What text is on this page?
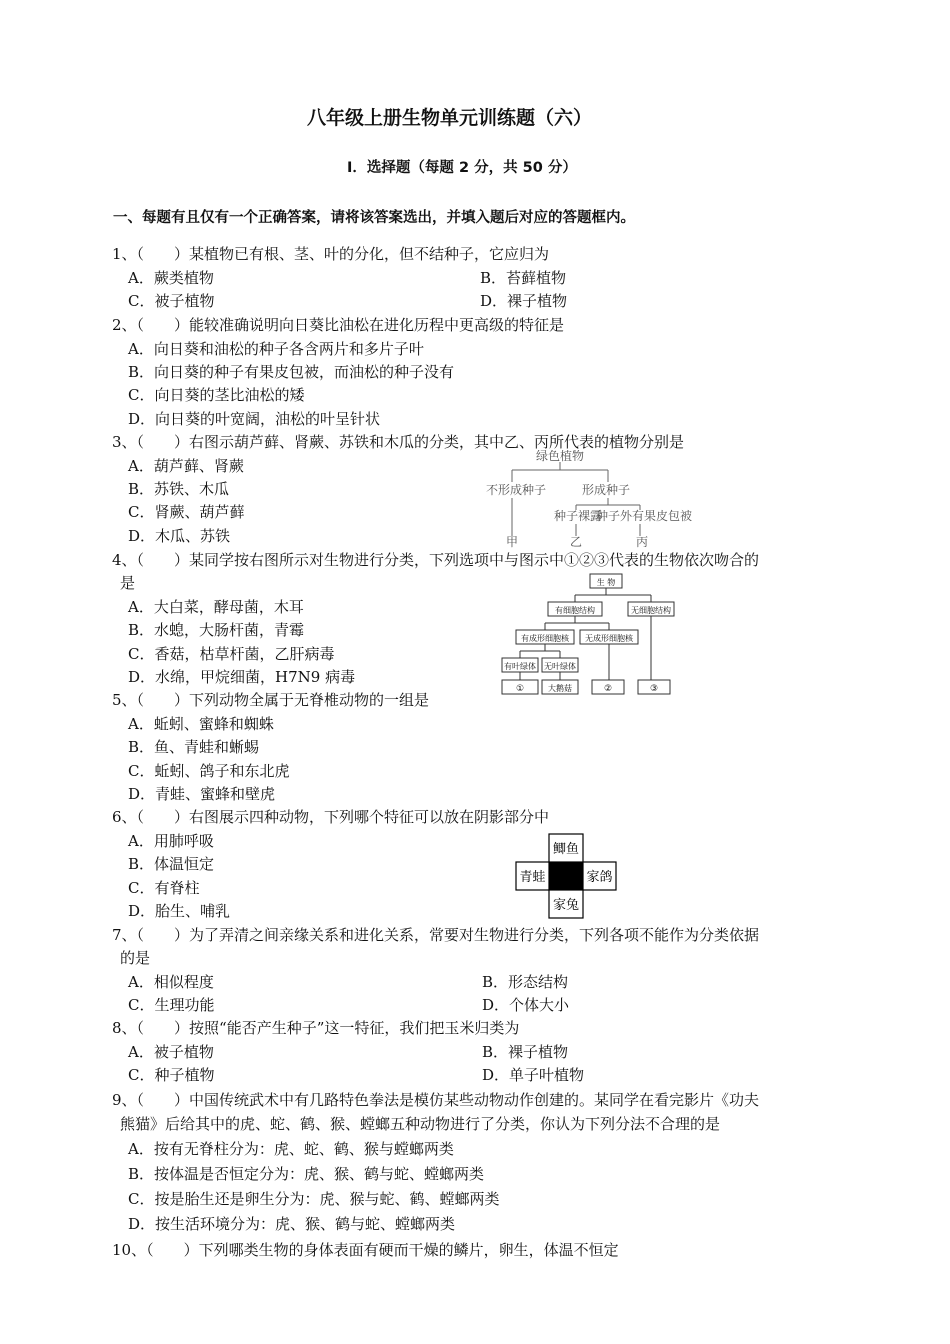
八年级上册生物单元训练题（六）
Ⅰ．选择题（每题 2 分，共 50 分）
一、每题有且仅有一个正确答案，请将该答案选出，并填入题后对应的答题框内。
1、（　　）某植物已有根、茎、叶的分化，但不结种子，它应归为
A．蕨类植物	B．苔藓植物
C．被子植物	D．裸子植物
2、（　　）能较准确说明向日葵比油松在进化历程中更高级的特征是
A．向日葵和油松的种子各含两片和多片子叶
B．向日葵的种子有果皮包被，而油松的种子没有
C．向日葵的茎比油松的矮
D．向日葵的叶宽阔，油松的叶呈针状
3、（　　）右图示葫芦藓、肾蕨、苏铁和木瓜的分类，其中乙、丙所代表的植物分别是
A．葫芦藓、肾蕨
B．苏铁、木瓜
C．肾蕨、葫芦藓
D．木瓜、苏铁
绿色植物
不形成种子	形成种子
种子裸露
种子外有果皮包被
甲	乙	丙
4、（　　）某同学按右图所示对生物进行分类，下列选项中与图示中①②③代表的生物依次吻合的
是
A．大白菜，酵母菌，木耳
B．水螅，大肠杆菌，青霉
C．香菇，枯草杆菌，乙肝病毒
D．水绵，甲烷细菌，H7N9 病毒
生 物
有细胞结构	无细胞结构
有成形细胞核 无成形细胞核
有叶绿体 无叶绿体
①	大鹅菇	②	③
5、（　　）下列动物全属于无脊椎动物的一组是
A．蚯蚓、蜜蜂和蜘蛛
B．鱼、青蛙和蜥蜴
C．蚯蚓、鸽子和东北虎
D．青蛙、蜜蜂和壁虎
6、（　　）右图展示四种动物，下列哪个特征可以放在阴影部分中
A．用肺呼吸
B．体温恒定
C．有脊柱
D．胎生、哺乳
鲫鱼
青蛙	家鸽
家兔
7、（　　）为了弄清之间亲缘关系和进化关系，常要对生物进行分类，下列各项不能作为分类依据
的是
A．相似程度	B．形态结构
C．生理功能	D．个体大小
8、（　　）按照“能否产生种子”这一特征，我们把玉米归类为
A．被子植物	B．裸子植物
C．种子植物	D．单子叶植物
9、（　　）中国传统武术中有几路特色拳法是模仿某些动物动作创建的。某同学在看完影片《功夫
熊猫》后给其中的虎、蛇、鹤、猴、螳螂五种动物进行了分类，你认为下列分法不合理的是
A．按有无脊柱分为：虎、蛇、鹤、猴与螳螂两类
B．按体温是否恒定分为：虎、猴、鹤与蛇、螳螂两类
C．按是胎生还是卵生分为：虎、猴与蛇、鹤、螳螂两类
D．按生活环境分为：虎、猴、鹤与蛇、螳螂两类
10、（　　）下列哪类生物的身体表面有硬而干燥的鳞片，卵生，体温不恒定
